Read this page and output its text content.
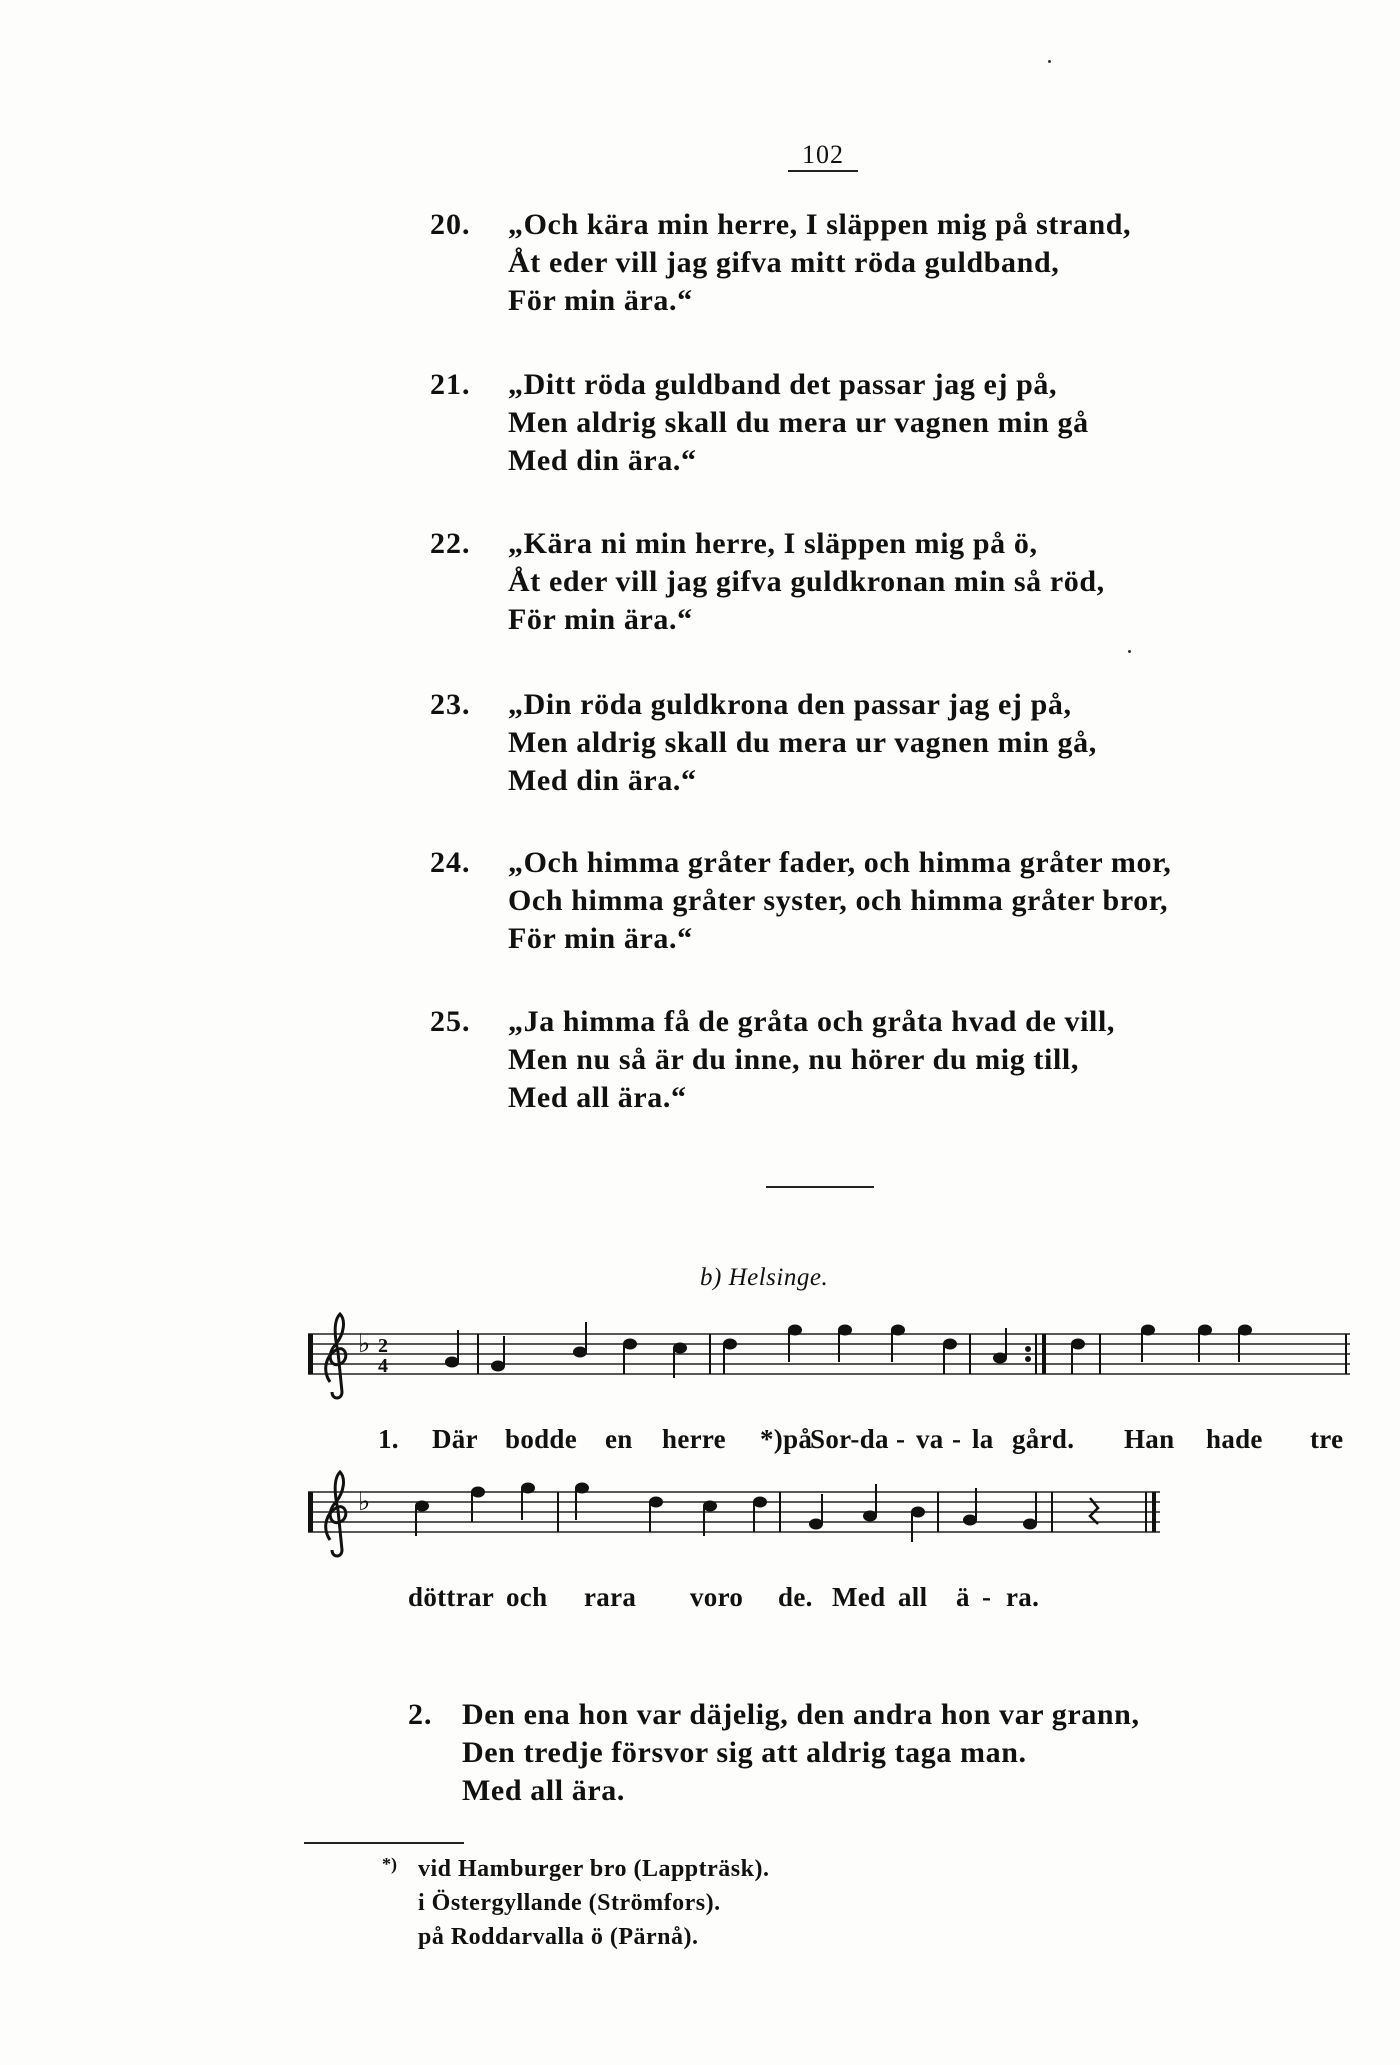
102
20.	„Och kära min herre, I släppen mig på strand,
Åt eder vill jag gifva mitt röda guldband,
För min ära.“
21.	„Ditt röda guldband det passar jag ej på,
Men aldrig skall du mera ur vagnen min gå
Med din ära.“
22.	„Kära ni min herre, I släppen mig på ö,
Åt eder vill jag gifva guldkronan min så röd,
För min ära.“
23.	„Din röda guldkrona den passar jag ej på,
Men aldrig skall du mera ur vagnen min gå,
Med din ära.“
24.	„Och himma gråter fader, och himma gråter mor,
Och himma gråter syster, och himma gråter bror,
För min ära.“
25.	„Ja himma få de gråta och gråta hvad de vill,
Men nu så är du inne, nu hörer du mig till,
Med all ära.“
b) Helsinge.
♭ 2
4
1. Där bodde en herre *)på
Sor-da - va - la gård. Han hade tre
♭
döttrar och rara voro de. Med all ä - ra.
2. Den ena hon var däjelig, den andra hon var grann,
Den tredje försvor sig att aldrig taga man.
Med all ära.
*) vid Hamburger bro (Lappträsk).
i Östergyllande (Strömfors).
på Roddarvalla ö (Pärnå).
